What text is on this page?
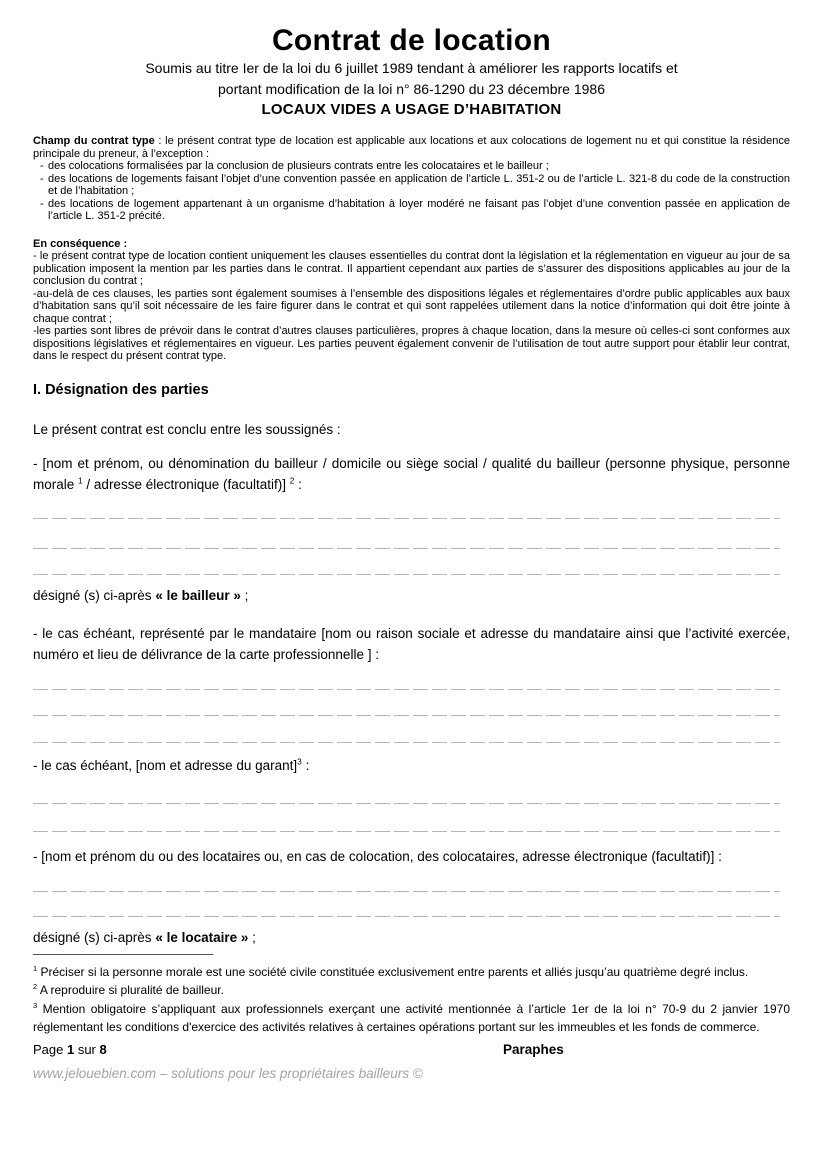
Contrat de location

Soumis au titre Ier de la loi du 6 juillet 1989 tendant à améliorer les rapports locatifs et

portant modification de la loi n° 86-1290 du 23 décembre 1986

LOCAUX VIDES A USAGE D’HABITATION

Champ du contrat type : le présent contrat type de location est applicable aux locations et aux colocations de logement nu et qui constitue la résidence principale du preneur, à l’exception :
- des colocations formalisées par la conclusion de plusieurs contrats entre les colocataires et le bailleur ;
- des locations de logements faisant l’objet d’une convention passée en application de l’article L. 351-2 ou de l’article L. 321-8 du code de la construction et de l’habitation ;
- des locations de logement appartenant à un organisme d’habitation à loyer modéré ne faisant pas l’objet d’une convention passée en application de l’article L. 351-2 précité.

En conséquence :

- le présent contrat type de location contient uniquement les clauses essentielles du contrat dont la législation et la réglementation en vigueur au jour de sa publication imposent la mention par les parties dans le contrat. Il appartient cependant aux parties de s’assurer des dispositions applicables au jour de la conclusion du contrat ;

-au-delà de ces clauses, les parties sont également soumises à l’ensemble des dispositions légales et réglementaires d’ordre public applicables aux baux d’habitation sans qu’il soit nécessaire de les faire figurer dans le contrat et qui sont rappelées utilement dans la notice d’information qui doit être jointe à chaque contrat ;

-les parties sont libres de prévoir dans le contrat d’autres clauses particulières, propres à chaque location, dans la mesure où celles-ci sont conformes aux dispositions législatives et réglementaires en vigueur. Les parties peuvent également convenir de l’utilisation de tout autre support pour établir leur contrat, dans le respect du présent contrat type.

I. Désignation des parties

Le présent contrat est conclu entre les soussignés :

- [nom et prénom, ou dénomination du bailleur / domicile ou siège social / qualité du bailleur (personne physique, personne morale $^1$ / adresse électronique (facultatif)] $^2$ :

désigné (s) ci-après « le bailleur » ;

- le cas échéant, représenté par le mandataire [nom ou raison sociale et adresse du mandataire ainsi que l’activité exercée, numéro et lieu de délivrance de la carte professionnelle ] :

- le cas échéant, [nom et adresse du garant]$^3$ :

- [nom et prénom du ou des locataires ou, en cas de colocation, des colocataires, adresse électronique (facultatif)] :

désigné (s) ci-après « le locataire » ;

$^1$ Préciser si la personne morale est une société civile constituée exclusivement entre parents et alliés jusqu’au quatrième degré inclus.

$^2$ A reproduire si pluralité de bailleur.

$^3$ Mention obligatoire s’appliquant aux professionnels exerçant une activité mentionnée à l’article 1er de la loi n° 70-9 du 2 janvier 1970 réglementant les conditions d'exercice des activités relatives à certaines opérations portant sur les immeubles et les fonds de commerce.

Page 1 sur 8	Paraphes
www.jelouebien.com – solutions pour les propriétaires bailleurs ©
